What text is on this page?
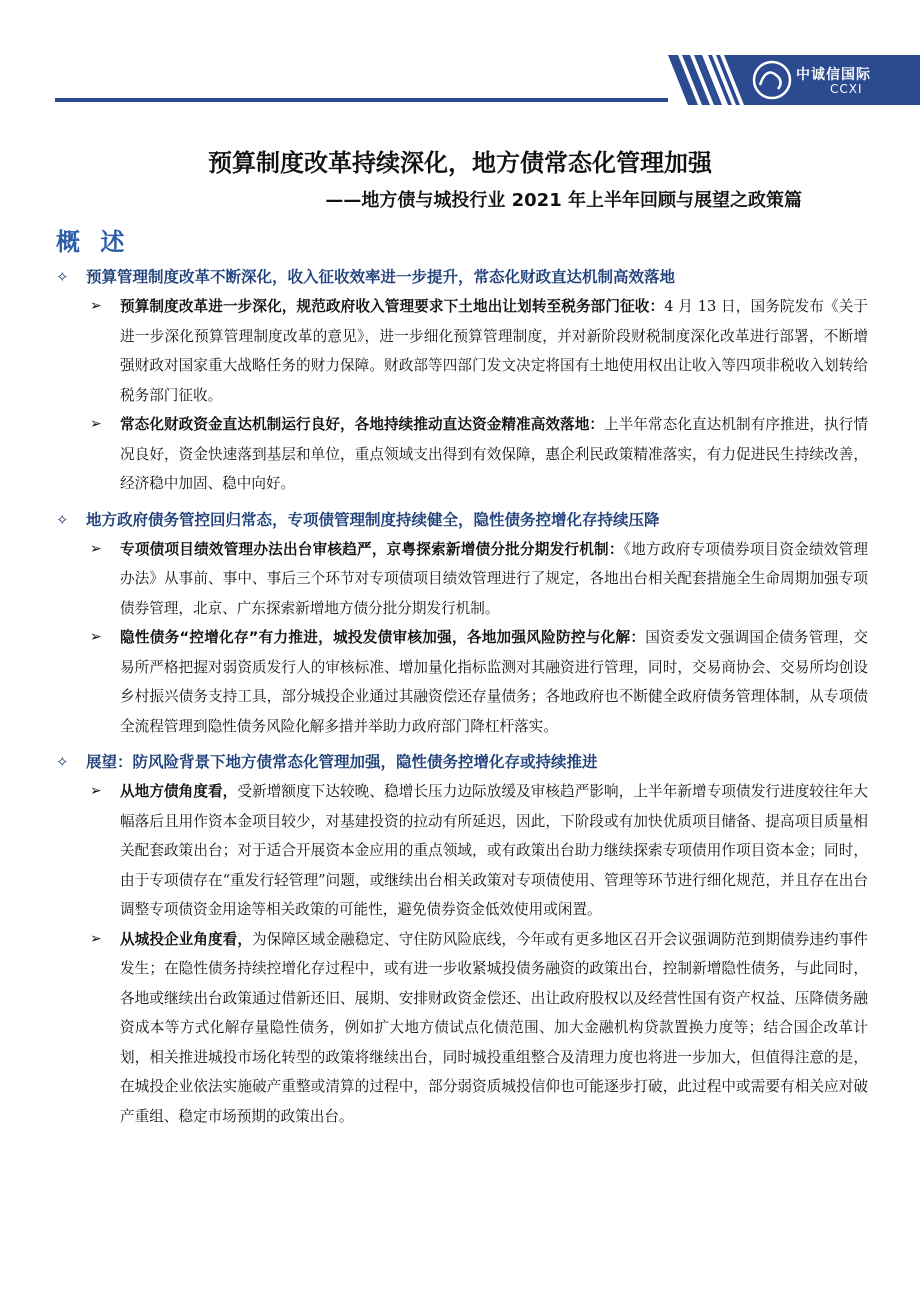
中诚信国际
CCXI
预算制度改革持续深化，地方债常态化管理加强
——地方债与城投行业 2021 年上半年回顾与展望之政策篇
概 述
✧	预算管理制度改革不断深化，收入征收效率进一步提升，常态化财政直达机制高效落地
➢	预算制度改革进一步深化，规范政府收入管理要求下土地出让划转至税务部门征收：4 月 13 日，国务院发布《关于进一步深化预算管理制度改革的意见》，进一步细化预算管理制度，并对新阶段财税制度深化改革进行部署，不断增强财政对国家重大战略任务的财力保障。财政部等四部门发文决定将国有土地使用权出让收入等四项非税收入划转给税务部门征收。
➢	常态化财政资金直达机制运行良好，各地持续推动直达资金精准高效落地：上半年常态化直达机制有序推进，执行情况良好，资金快速落到基层和单位，重点领域支出得到有效保障，惠企利民政策精准落实，有力促进民生持续改善，经济稳中加固、稳中向好。
✧	地方政府债务管控回归常态，专项债管理制度持续健全，隐性债务控增化存持续压降
➢	专项债项目绩效管理办法出台审核趋严，京粤探索新增债分批分期发行机制：《地方政府专项债券项目资金绩效管理办法》从事前、事中、事后三个环节对专项债项目绩效管理进行了规定，各地出台相关配套措施全生命周期加强专项债券管理，北京、广东探索新增地方债分批分期发行机制。
➢	隐性债务“控增化存”有力推进，城投发债审核加强，各地加强风险防控与化解：国资委发文强调国企债务管理，交易所严格把握对弱资质发行人的审核标准、增加量化指标监测对其融资进行管理，同时，交易商协会、交易所均创设乡村振兴债务支持工具，部分城投企业通过其融资偿还存量债务；各地政府也不断健全政府债务管理体制，从专项债全流程管理到隐性债务风险化解多措并举助力政府部门降杠杆落实。
✧	展望：防风险背景下地方债常态化管理加强，隐性债务控增化存或持续推进
➢	从地方债角度看，受新增额度下达较晚、稳增长压力边际放缓及审核趋严影响，上半年新增专项债发行进度较往年大幅落后且用作资本金项目较少，对基建投资的拉动有所延迟，因此，下阶段或有加快优质项目储备、提高项目质量相关配套政策出台；对于适合开展资本金应用的重点领域，或有政策出台助力继续探索专项债用作项目资本金；同时，由于专项债存在“重发行轻管理”问题，或继续出台相关政策对专项债使用、管理等环节进行细化规范，并且存在出台调整专项债资金用途等相关政策的可能性，避免债券资金低效使用或闲置。
➢	从城投企业角度看，为保障区域金融稳定、守住防风险底线，今年或有更多地区召开会议强调防范到期债券违约事件发生；在隐性债务持续控增化存过程中，或有进一步收紧城投债务融资的政策出台，控制新增隐性债务，与此同时，各地或继续出台政策通过借新还旧、展期、安排财政资金偿还、出让政府股权以及经营性国有资产权益、压降债务融资成本等方式化解存量隐性债务，例如扩大地方债试点化债范围、加大金融机构贷款置换力度等；结合国企改革计划，相关推进城投市场化转型的政策将继续出台，同时城投重组整合及清理力度也将进一步加大，但值得注意的是，在城投企业依法实施破产重整或清算的过程中，部分弱资质城投信仰也可能逐步打破，此过程中或需要有相关应对破产重组、稳定市场预期的政策出台。
